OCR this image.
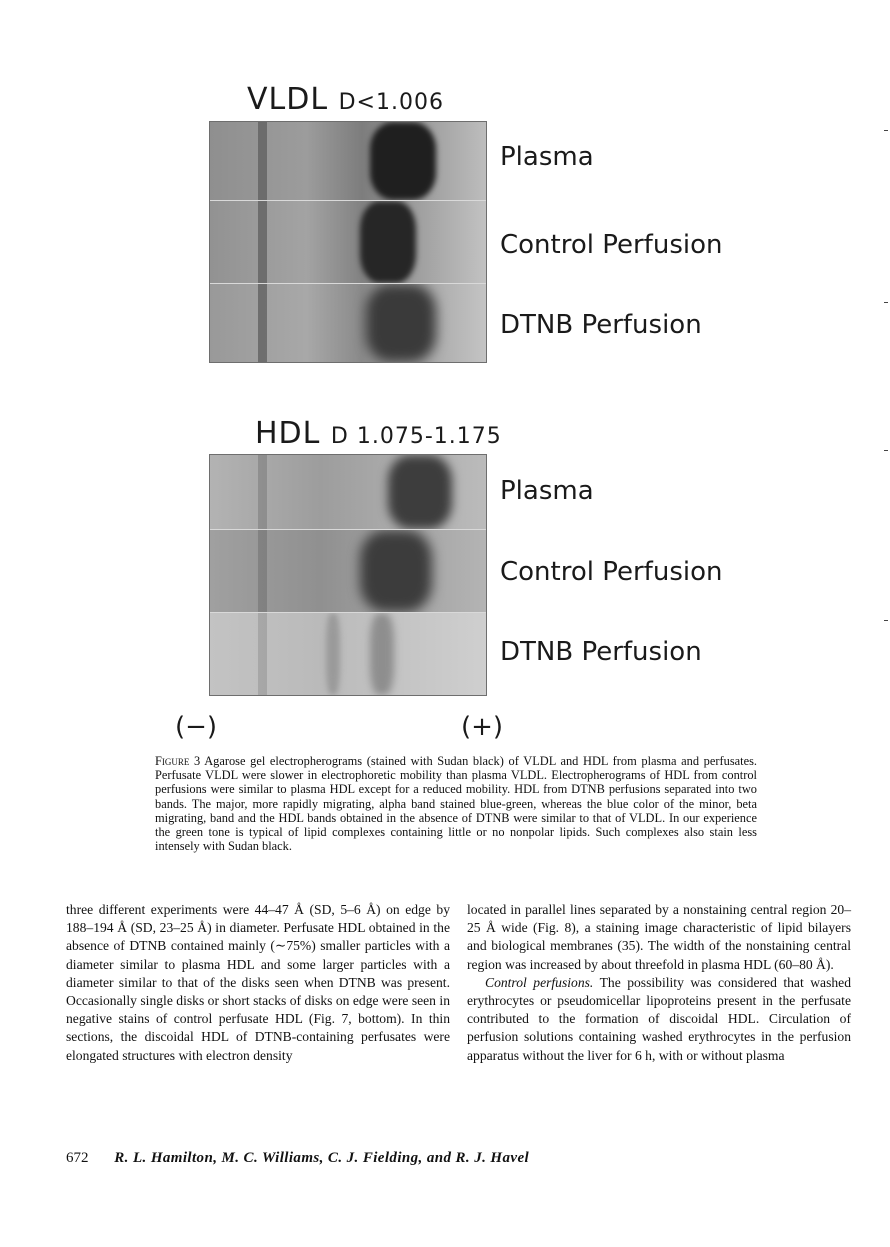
VLDL D<1.006
Plasma
Control Perfusion
DTNB Perfusion
HDL D 1.075-1.175
Plasma
Control Perfusion
DTNB Perfusion
(−)	(+)

Figure 3 Agarose gel electropherograms (stained with Sudan black) of VLDL and HDL from plasma and perfusates. Perfusate VLDL were slower in electrophoretic mobility than plasma VLDL. Electropherograms of HDL from control perfusions were similar to plasma HDL except for a reduced mobility. HDL from DTNB perfusions separated into two bands. The major, more rapidly migrating, alpha band stained blue-green, whereas the blue color of the minor, beta migrating, band and the HDL bands obtained in the absence of DTNB were similar to that of VLDL. In our experience the green tone is typical of lipid complexes containing little or no nonpolar lipids. Such complexes also stain less intensely with Sudan black.

three different experiments were 44–47 Å (SD, 5–6 Å) on edge by 188–194 Å (SD, 23–25 Å) in diameter. Perfusate HDL obtained in the absence of DTNB contained mainly (∼75%) smaller particles with a diameter similar to plasma HDL and some larger particles with a diameter similar to that of the disks seen when DTNB was present. Occasionally single disks or short stacks of disks on edge were seen in negative stains of control perfusate HDL (Fig. 7, bottom). In thin sections, the discoidal HDL of DTNB-containing perfusates were elongated structures with electron density

located in parallel lines separated by a nonstaining central region 20–25 Å wide (Fig. 8), a staining image characteristic of lipid bilayers and biological membranes (35). The width of the nonstaining central region was increased by about threefold in plasma HDL (60–80 Å).

Control perfusions. The possibility was considered that washed erythrocytes or pseudomicellar lipoproteins present in the perfusate contributed to the formation of discoidal HDL. Circulation of perfusion solutions containing washed erythrocytes in the perfusion apparatus without the liver for 6 h, with or without plasma

672 R. L. Hamilton, M. C. Williams, C. J. Fielding, and R. J. Havel
